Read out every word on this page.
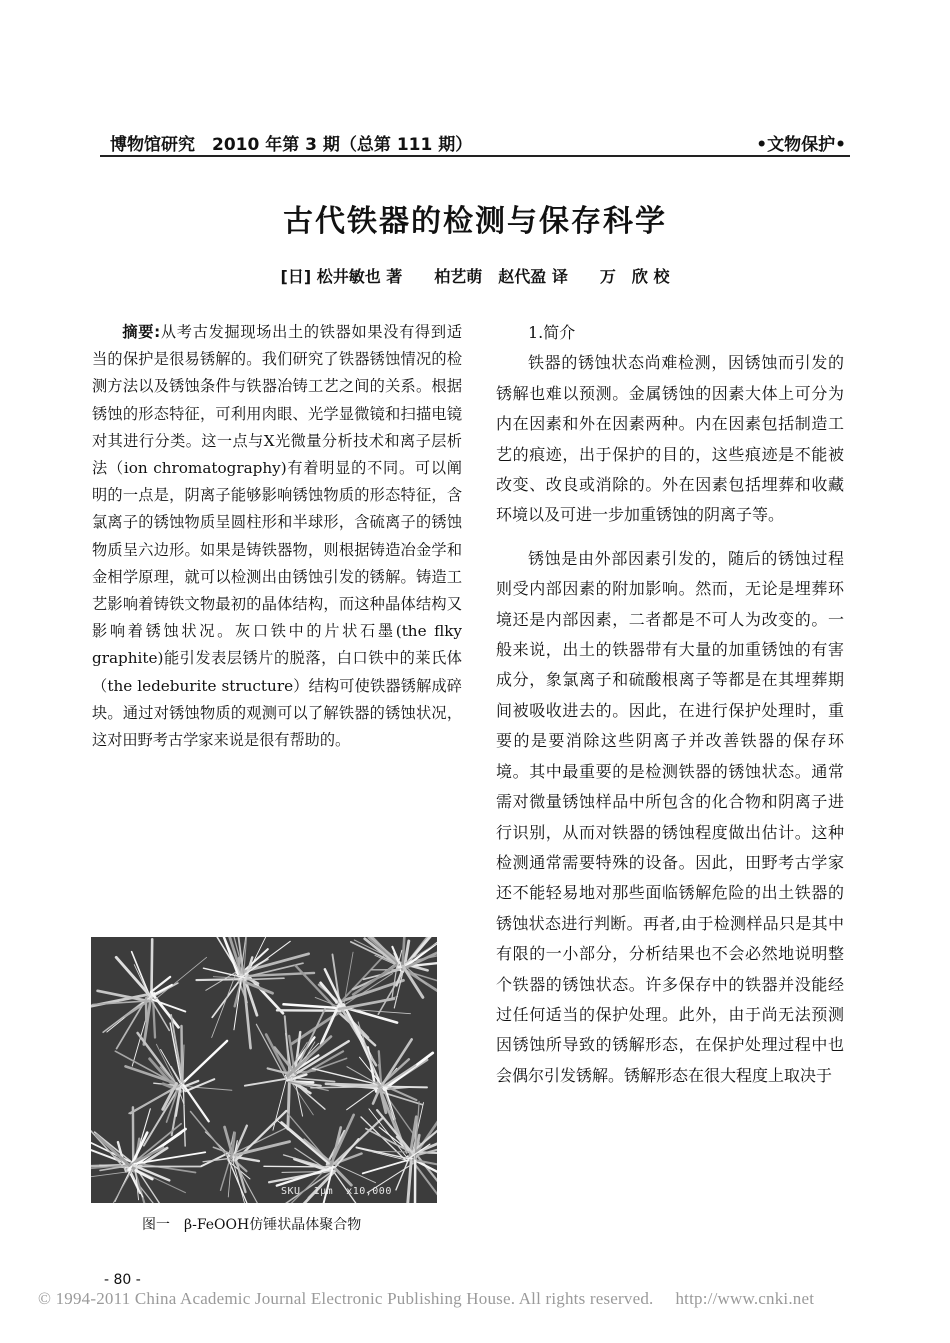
博物馆研究　2010 年第 3 期（总第 111 期）	•文物保护•
古代铁器的检测与保存科学
[日] 松井敏也 著　　柏艺萌　赵代盈 译　　万　欣 校
摘要:从考古发掘现场出土的铁器如果没有得到适当的保护是很易锈解的。我们研究了铁器锈蚀情况的检测方法以及锈蚀条件与铁器冶铸工艺之间的关系。根据锈蚀的形态特征，可利用肉眼、光学显微镜和扫描电镜对其进行分类。这一点与X光微量分析技术和离子层析法（ion chromatography)有着明显的不同。可以阐明的一点是，阴离子能够影响锈蚀物质的形态特征，含氯离子的锈蚀物质呈圆柱形和半球形，含硫离子的锈蚀物质呈六边形。如果是铸铁器物，则根据铸造冶金学和金相学原理，就可以检测出由锈蚀引发的锈解。铸造工艺影响着铸铁文物最初的晶体结构，而这种晶体结构又影响着锈蚀状况。灰口铁中的片状石墨(the flky graphite)能引发表层锈片的脱落，白口铁中的莱氏体（the ledeburite structure）结构可使铁器锈解成碎块。通过对锈蚀物质的观测可以了解铁器的锈蚀状况，这对田野考古学家来说是很有帮助的。
SKU  1μm  x10,000
图一　β-FeOOH仿锤状晶体聚合物

1.简介

铁器的锈蚀状态尚难检测，因锈蚀而引发的锈解也难以预测。金属锈蚀的因素大体上可分为内在因素和外在因素两种。内在因素包括制造工艺的痕迹，出于保护的目的，这些痕迹是不能被改变、改良或消除的。外在因素包括埋葬和收藏环境以及可进一步加重锈蚀的阴离子等。

锈蚀是由外部因素引发的，随后的锈蚀过程则受内部因素的附加影响。然而，无论是埋葬环境还是内部因素，二者都是不可人为改变的。一般来说，出土的铁器带有大量的加重锈蚀的有害成分，象氯离子和硫酸根离子等都是在其埋葬期间被吸收进去的。因此，在进行保护处理时，重要的是要消除这些阴离子并改善铁器的保存环境。其中最重要的是检测铁器的锈蚀状态。通常需对微量锈蚀样品中所包含的化合物和阴离子进行识别，从而对铁器的锈蚀程度做出估计。这种检测通常需要特殊的设备。因此，田野考古学家还不能轻易地对那些面临锈解危险的出土铁器的锈蚀状态进行判断。再者,由于检测样品只是其中有限的一小部分，分析结果也不会必然地说明整个铁器的锈蚀状态。许多保存中的铁器并没能经过任何适当的保护处理。此外，由于尚无法预测因锈蚀所导致的锈解形态，在保护处理过程中也会偶尔引发锈解。锈解形态在很大程度上取决于

- 80 -
© 1994-2011 China Academic Journal Electronic Publishing House. All rights reserved. http://www.cnki.net
